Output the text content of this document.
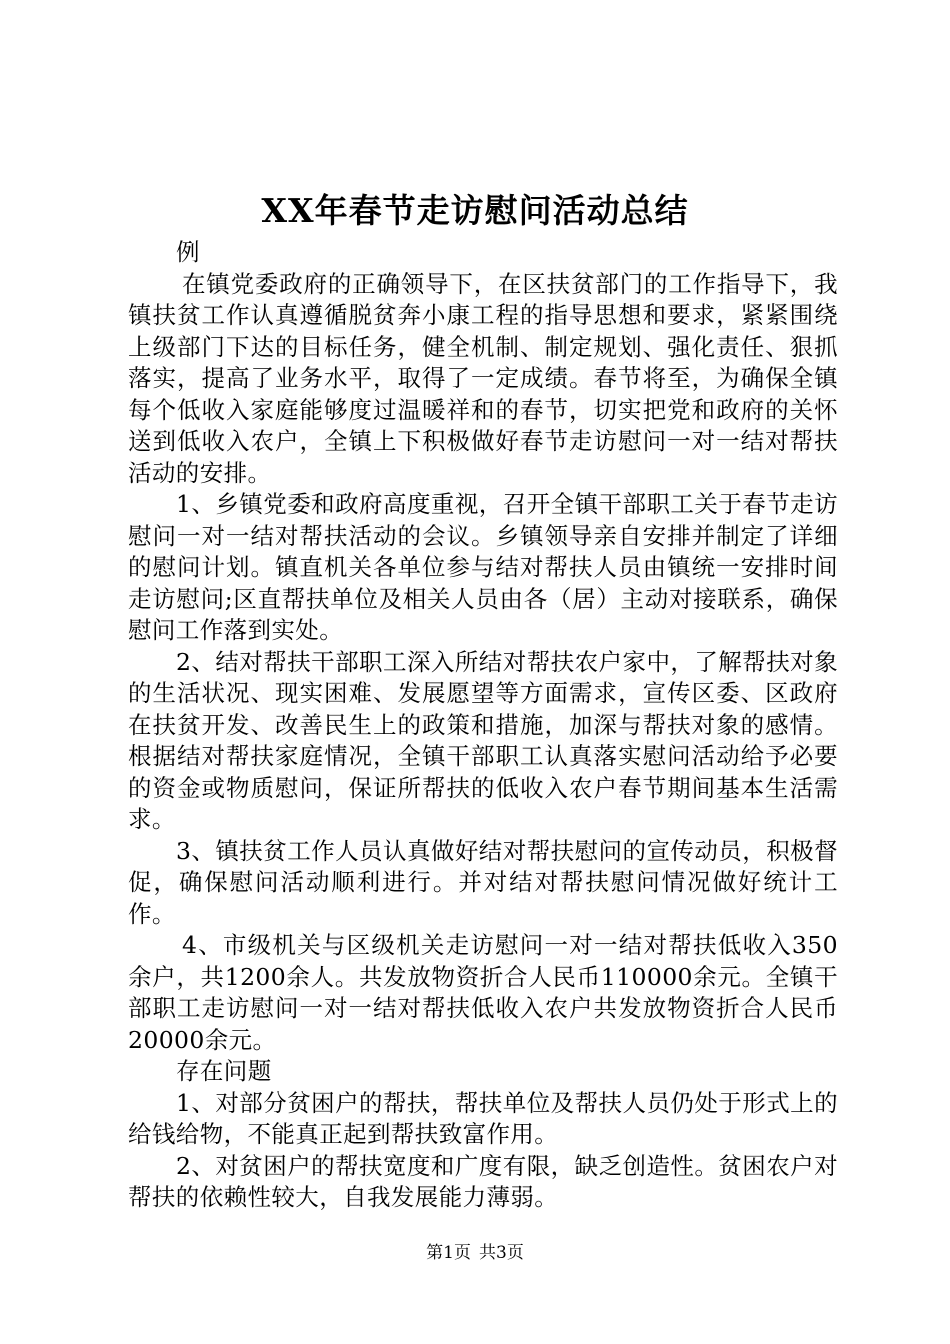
XX年春节走访慰问活动总结

例

在镇党委政府的正确领导下，在区扶贫部门的工作指导下，我镇扶贫工作认真遵循脱贫奔小康工程的指导思想和要求，紧紧围绕上级部门下达的目标任务，健全机制、制定规划、强化责任、狠抓落实，提高了业务水平，取得了一定成绩。春节将至，为确保全镇每个低收入家庭能够度过温暖祥和的春节，切实把党和政府的关怀送到低收入农户，全镇上下积极做好春节走访慰问一对一结对帮扶活动的安排。

1、乡镇党委和政府高度重视，召开全镇干部职工关于春节走访慰问一对一结对帮扶活动的会议。乡镇领导亲自安排并制定了详细的慰问计划。镇直机关各单位参与结对帮扶人员由镇统一安排时间走访慰问;区直帮扶单位及相关人员由各（居）主动对接联系，确保慰问工作落到实处。

2、结对帮扶干部职工深入所结对帮扶农户家中，了解帮扶对象的生活状况、现实困难、发展愿望等方面需求，宣传区委、区政府在扶贫开发、改善民生上的政策和措施，加深与帮扶对象的感情。根据结对帮扶家庭情况，全镇干部职工认真落实慰问活动给予必要的资金或物质慰问，保证所帮扶的低收入农户春节期间基本生活需求。

3、镇扶贫工作人员认真做好结对帮扶慰问的宣传动员，积极督促，确保慰问活动顺利进行。并对结对帮扶慰问情况做好统计工作。

4、市级机关与区级机关走访慰问一对一结对帮扶低收入350余户，共1200余人。共发放物资折合人民币110000余元。全镇干部职工走访慰问一对一结对帮扶低收入农户共发放物资折合人民币20000余元。

存在问题

1、对部分贫困户的帮扶，帮扶单位及帮扶人员仍处于形式上的给钱给物，不能真正起到帮扶致富作用。

2、对贫困户的帮扶宽度和广度有限，缺乏创造性。贫困农户对帮扶的依赖性较大，自我发展能力薄弱。

第1页 共3页
